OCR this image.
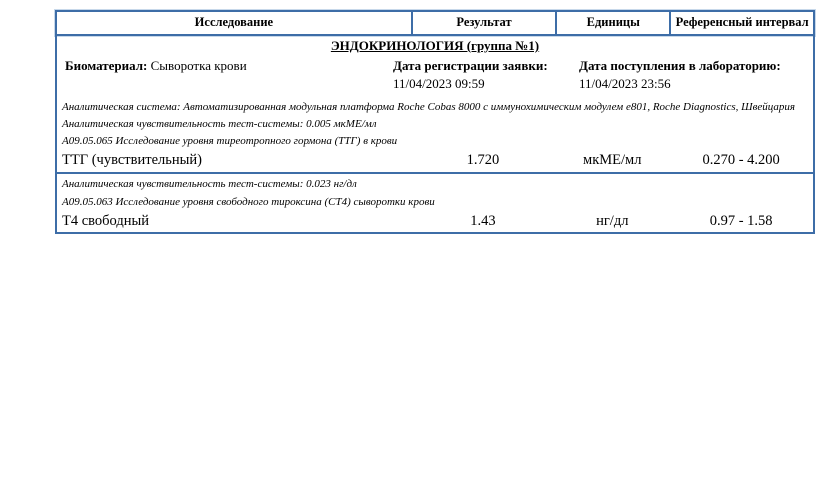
Исследование	Результат	Единицы	Референсный интервал
ЭНДОКРИНОЛОГИЯ (группа №1)
Биоматериал: Сыворотка крови	Дата регистрации заявки:
11/04/2023 09:59
Дата поступления в лабораторию:
11/04/2023 23:56
Аналитическая система: Автоматизированная модульная платформа Roche Cobas 8000 с иммунохимическим модулем e801, Roche Diagnostics, Швейцария
Аналитическая чувствительность тест-системы: 0.005 мкМЕ/мл
A09.05.065 Исследование уровня тиреотропного гормона (ТТГ) в крови
ТТГ (чувствительный)	1.720	мкМЕ/мл	0.270 - 4.200
Аналитическая чувствительность тест-системы: 0.023 нг/дл
A09.05.063 Исследование уровня свободного тироксина (СТ4) сыворотки крови
Т4 свободный	1.43	нг/дл	0.97 - 1.58
